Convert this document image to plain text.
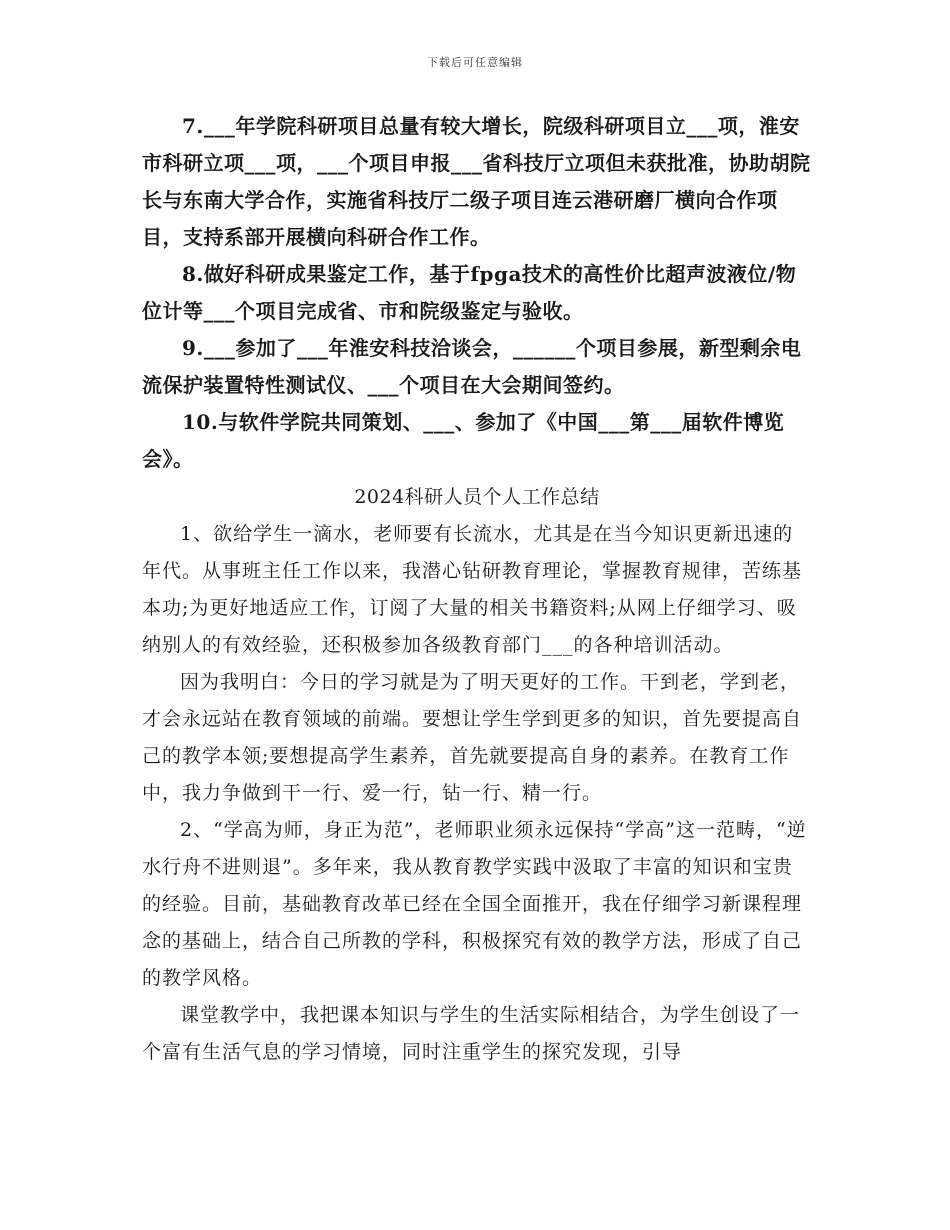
下载后可任意编辑

7.___年学院科研项目总量有较大增长，院级科研项目立___项，淮安市科研立项___项，___个项目申报___省科技厅立项但未获批准，协助胡院长与东南大学合作，实施省科技厅二级子项目连云港研磨厂横向合作项目，支持系部开展横向科研合作工作。

8.做好科研成果鉴定工作，基于fpga技术的高性价比超声波液位/物位计等___个项目完成省、市和院级鉴定与验收。

9.___参加了___年淮安科技洽谈会，______个项目参展，新型剩余电流保护装置特性测试仪、___个项目在大会期间签约。

10.与软件学院共同策划、___、参加了《中国___第___届软件博览会》。

2024科研人员个人工作总结

1、欲给学生一滴水，老师要有长流水，尤其是在当今知识更新迅速的年代。从事班主任工作以来，我潜心钻研教育理论，掌握教育规律，苦练基本功;为更好地适应工作，订阅了大量的相关书籍资料;从网上仔细学习、吸纳别人的有效经验，还积极参加各级教育部门___的各种培训活动。

因为我明白：今日的学习就是为了明天更好的工作。干到老，学到老，才会永远站在教育领域的前端。要想让学生学到更多的知识，首先要提高自己的教学本领;要想提高学生素养，首先就要提高自身的素养。在教育工作中，我力争做到干一行、爱一行，钻一行、精一行。

2、“学高为师，身正为范”，老师职业须永远保持“学高”这一范畴，“逆水行舟不进则退”。多年来，我从教育教学实践中汲取了丰富的知识和宝贵的经验。目前，基础教育改革已经在全国全面推开，我在仔细学习新课程理念的基础上，结合自己所教的学科，积极探究有效的教学方法，形成了自己的教学风格。

课堂教学中，我把课本知识与学生的生活实际相结合，为学生创设了一个富有生活气息的学习情境，同时注重学生的探究发现，引导
